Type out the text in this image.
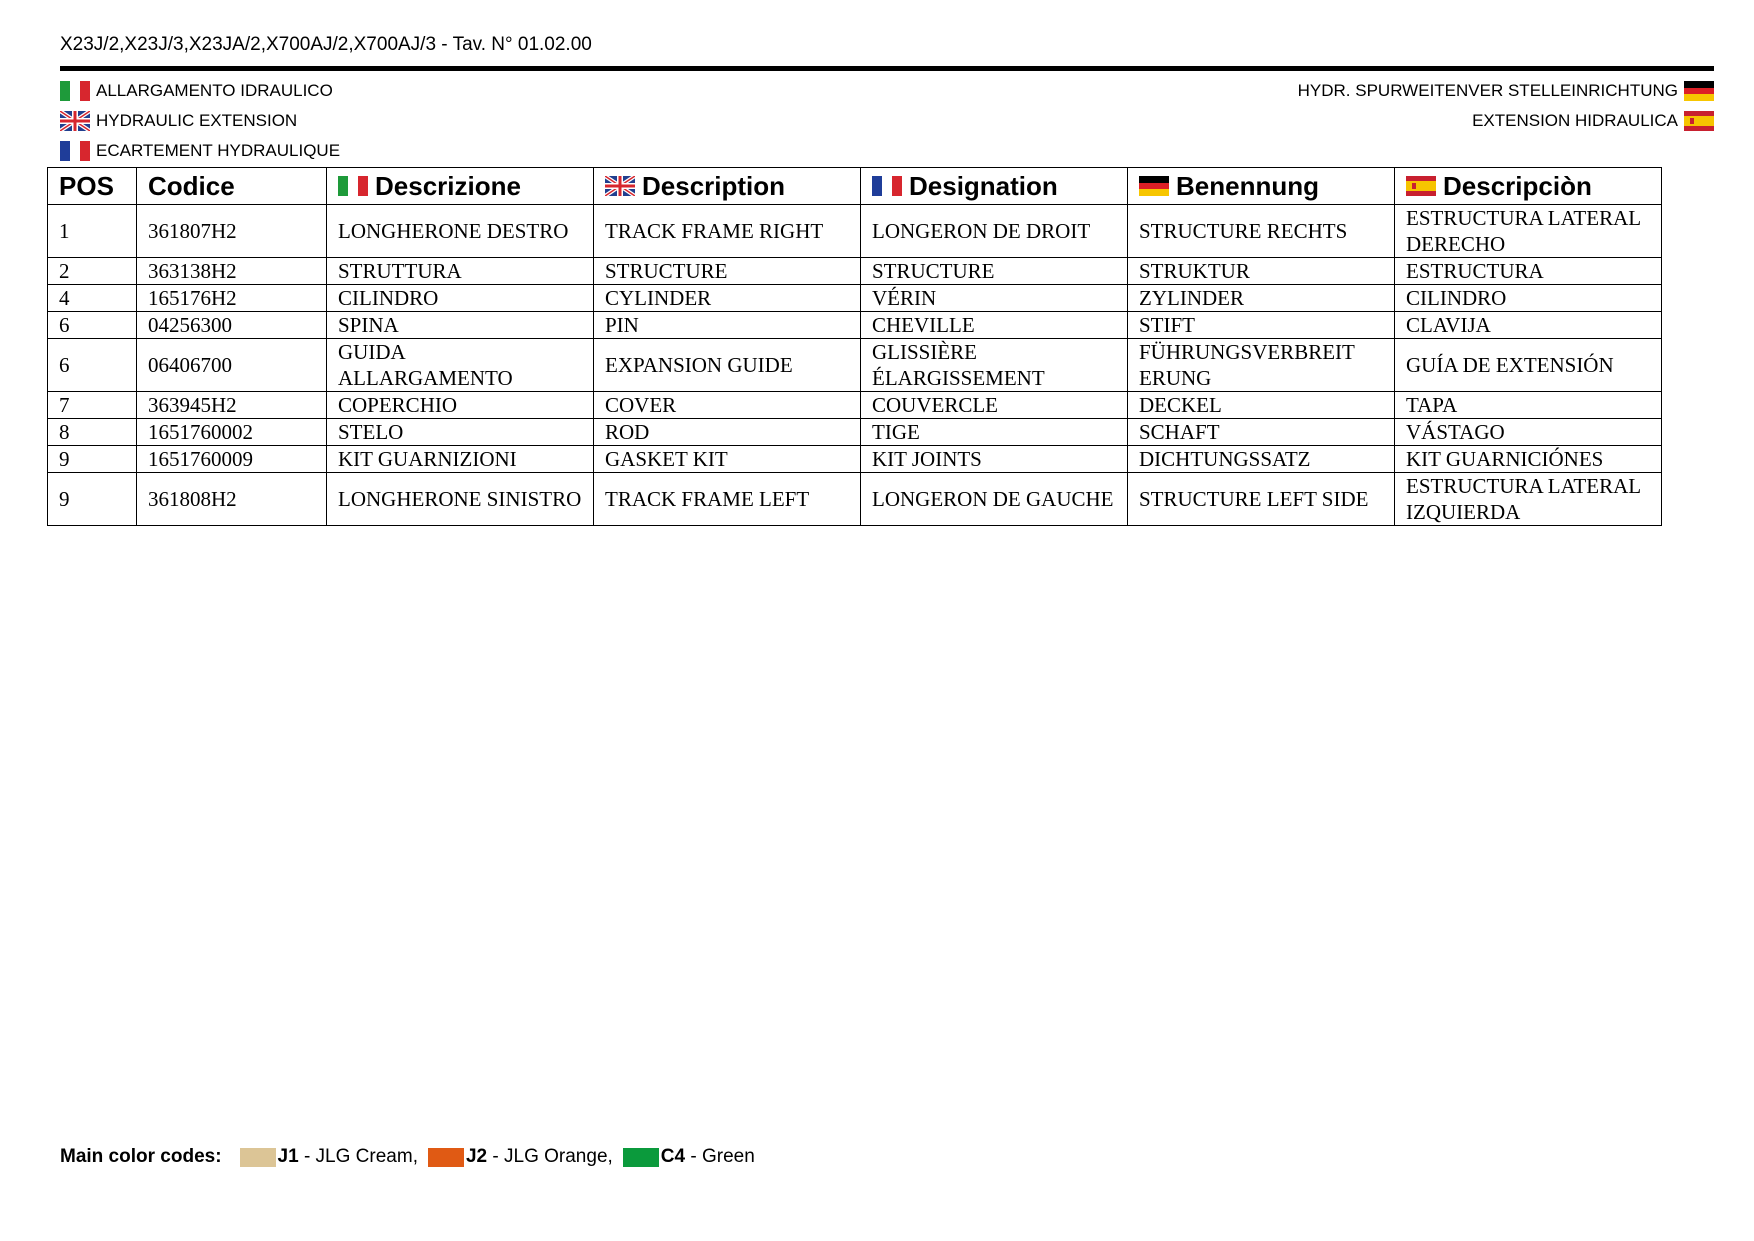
X23J/2,X23J/3,X23JA/2,X700AJ/2,X700AJ/3 - Tav. N° 01.02.00
ALLARGAMENTO IDRAULICO
HYDRAULIC EXTENSION
ECARTEMENT HYDRAULIQUE
HYDR. SPURWEITENVER STELLEINRICHTUNG
EXTENSION HIDRAULICA
POS	Codice	Descrizione	Description	Designation	Benennung	Descripciòn

1	361807H2	LONGHERONE DESTRO	TRACK FRAME RIGHT	LONGERON DE DROIT	STRUCTURE RECHTS	ESTRUCTURA LATERAL DERECHO
2	363138H2	STRUTTURA	STRUCTURE	STRUCTURE	STRUKTUR	ESTRUCTURA
4	165176H2	CILINDRO	CYLINDER	VÉRIN	ZYLINDER	CILINDRO
6	04256300	SPINA	PIN	CHEVILLE	STIFT	CLAVIJA
6	06406700	GUIDA ALLARGAMENTO	EXPANSION GUIDE	GLISSIÈRE ÉLARGISSEMENT	FÜHRUNGSVERBREIT ERUNG	GUÍA DE EXTENSIÓN
7	363945H2	COPERCHIO	COVER	COUVERCLE	DECKEL	TAPA
8	1651760002	STELO	ROD	TIGE	SCHAFT	VÁSTAGO
9	1651760009	KIT GUARNIZIONI	GASKET KIT	KIT JOINTS	DICHTUNGSSATZ	KIT GUARNICIÓNES
9	361808H2	LONGHERONE SINISTRO	TRACK FRAME LEFT	LONGERON DE GAUCHE	STRUCTURE LEFT SIDE	ESTRUCTURA LATERAL IZQUIERDA
Main color codes:	J1 - JLG Cream,	J2 - JLG Orange,	C4 - Green
